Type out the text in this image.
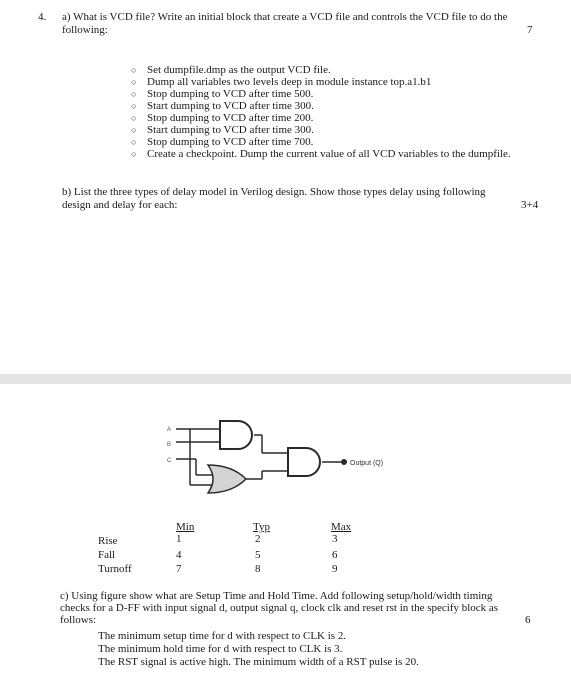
4. a) What is VCD file? Write an initial block that create a VCD file and controls the VCD file to do the
following:	7
○ Set dumpfile.dmp as the output VCD file.
○ Dump all variables two levels deep in module instance top.a1.b1
○ Stop dumping to VCD after time 500.
○ Start dumping to VCD after time 300.
○ Stop dumping to VCD after time 200.
○ Start dumping to VCD after time 300.
○ Stop dumping to VCD after time 700.
○ Create a checkpoint. Dump the current value of all VCD variables to the dumpfile.
b) List the three types of delay model in Verilog design. Show those types delay using following
design and delay for each:	3+4
A
B
C	Output (Q)
Min	Typ	Max
Rise	1	2	3
Fall	4	5	6
Turnoff	7	8	9
c) Using figure show what are Setup Time and Hold Time. Add following setup/hold/width timing
checks for a D-FF with input signal d, output signal q, clock clk and reset rst in the specify block as
follows:	6
The minimum setup time for d with respect to CLK is 2.
The minimum hold time for d with respect to CLK is 3.
The RST signal is active high. The minimum width of a RST pulse is 20.
